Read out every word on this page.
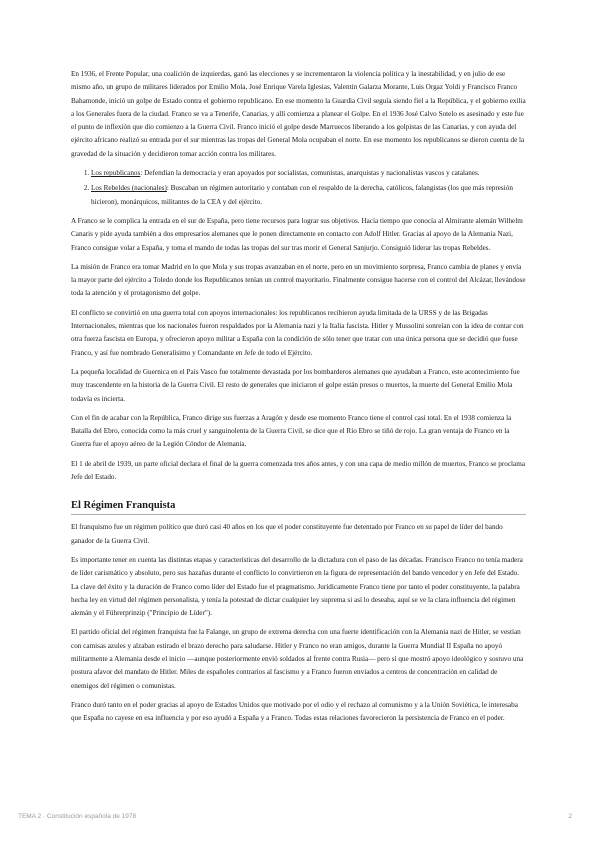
En 1936, el Frente Popular, una coalición de izquierdas, ganó las elecciones y se incrementaron la violencia política y la inestabilidad, y en julio de ese mismo año, un grupo de militares liderados por Emilio Mola, José Enrique Varela Iglesias, Valentín Galarza Morante, Luis Orgaz Yoldi y Francisco Franco Bahamonde, inició un golpe de Estado contra el gobierno republicano. En ese momento la Guardia Civil seguía siendo fiel a la República, y el gobierno exilia a los Generales fuera de la ciudad. Franco se va a Tenerife, Canarias, y allí comienza a planear el Golpe. En el 1936 José Calvo Sotelo es asesinado y este fue el punto de inflexión que dio comienzo a la Guerra Civil. Franco inició el golpe desde Marruecos liberando a los golpistas de las Canarias, y con ayuda del ejército africano realizó su entrada por el sur mientras las tropas del General Mola ocupaban el norte. En ese momento los republicanos se dieron cuenta de la gravedad de la situación y decidieron tomar acción contra los militares.

1. Los republicanos: Defendían la democracia y eran apoyados por socialistas, comunistas, anarquistas y nacionalistas vascos y catalanes.
2. Los Rebeldes (nacionales): Buscaban un régimen autoritario y contaban con el respaldo de la derecha, católicos, falangistas (los que más represión hicieron), monárquicos, militantes de la CEA y del ejército.

A Franco se le complica la entrada en el sur de España, pero tiene recursos para lograr sus objetivos. Hacía tiempo que conocía al Almirante alemán Wilhelm Canaris y pide ayuda también a dos empresarios alemanes que le ponen directamente en contacto con Adolf Hitler. Gracias al apoyo de la Alemania Nazi, Franco consigue volar a España, y toma el mando de todas las tropas del sur tras morir el General Sanjurjo. Consiguió liderar las tropas Rebeldes.

La misión de Franco era tomar Madrid en lo que Mola y sus tropas avanzaban en el norte, pero en un movimiento sorpresa, Franco cambia de planes y envía la mayor parte del ejército a Toledo donde los Republicanos tenían un control mayoritario. Finalmente consigue hacerse con el control del Alcázar, llevándose toda la atención y el protagonismo del golpe.

El conflicto se convirtió en una guerra total con apoyos internacionales: los republicanos recibieron ayuda limitada de la URSS y de las Brigadas Internacionales, mientras que los nacionales fueron respaldados por la Alemania nazi y la Italia fascista. Hitler y Mussolini sonreían con la idea de contar con otra fuerza fascista en Europa, y ofrecieron apoyo militar a España con la condición de sólo tener que tratar con una única persona que se decidió que fuese Franco, y así fue nombrado Generalísimo y Comandante en Jefe de todo el Ejército.

La pequeña localidad de Guernica en el País Vasco fue totalmente devastada por los bombarderos alemanes que ayudaban a Franco, este acontecimiento fue muy trascendente en la historia de la Guerra Civil. El resto de generales que iniciaron el golpe están presos o muertos, la muerte del General Emilio Mola todavía es incierta.

Con el fin de acabar con la República, Franco dirige sus fuerzas a Aragón y desde ese momento Franco tiene el control casi total. En el 1938 comienza la Batalla del Ebro, conocida como la más cruel y sanguinolenta de la Guerra Civil, se dice que el Río Ebro se tiñó de rojo. La gran ventaja de Franco en la Guerra fue el apoyo aéreo de la Legión Cóndor de Alemania.

El 1 de abril de 1939, un parte oficial declara el final de la guerra comenzada tres años antes, y con una capa de medio millón de muertos, Franco se proclama Jefe del Estado.

El Régimen Franquista

El franquismo fue un régimen político que duró casi 40 años en los que el poder constituyente fue detentado por Franco en su papel de líder del bando ganador de la Guerra Civil.

Es importante tener en cuenta las distintas etapas y características del desarrollo de la dictadura con el paso de las décadas. Francisco Franco no tenía madera de líder carismático y absoluto, pero sus hazañas durante el conflicto lo convirtieron en la figura de representación del bando vencedor y en Jefe del Estado. La clave del éxito y la duración de Franco como líder del Estado fue el pragmatismo. Jurídicamente Franco tiene por tanto el poder constituyente, la palabra hecha ley en virtud del régimen personalista, y tenía la potestad de dictar cualquier ley suprema si así lo deseaba, aquí se ve la clara influencia del régimen alemán y el Führerprinzip ("Principio de Líder").

El partido oficial del régimen franquista fue la Falange, un grupo de extrema derecha con una fuerte identificación con la Alemania nazi de Hitler, se vestían con camisas azules y alzaban estirado el brazo derecho para saludarse. Hitler y Franco no eran amigos, durante la Guerra Mundial II España no apoyó militarmente a Alemania desde el inicio —aunque posteriormente envió soldados al frente contra Rusia— pero sí que mostró apoyo ideológico y sostuvo una postura afavor del mandato de Hitler. Miles de españoles contrarios al fascismo y a Franco fueron enviados a centros de concentración en calidad de enemigos del régimen o comunistas.

Franco duró tanto en el poder gracias al apoyo de Estados Unidos que motivado por el odio y el rechazo al comunismo y a la Unión Soviética, le interesaba que España no cayese en esa influencia y por eso ayudó a España y a Franco. Todas estas relaciones favorecieron la persistencia de Franco en el poder.

TEMA 2 · Constitución española de 1978	2
